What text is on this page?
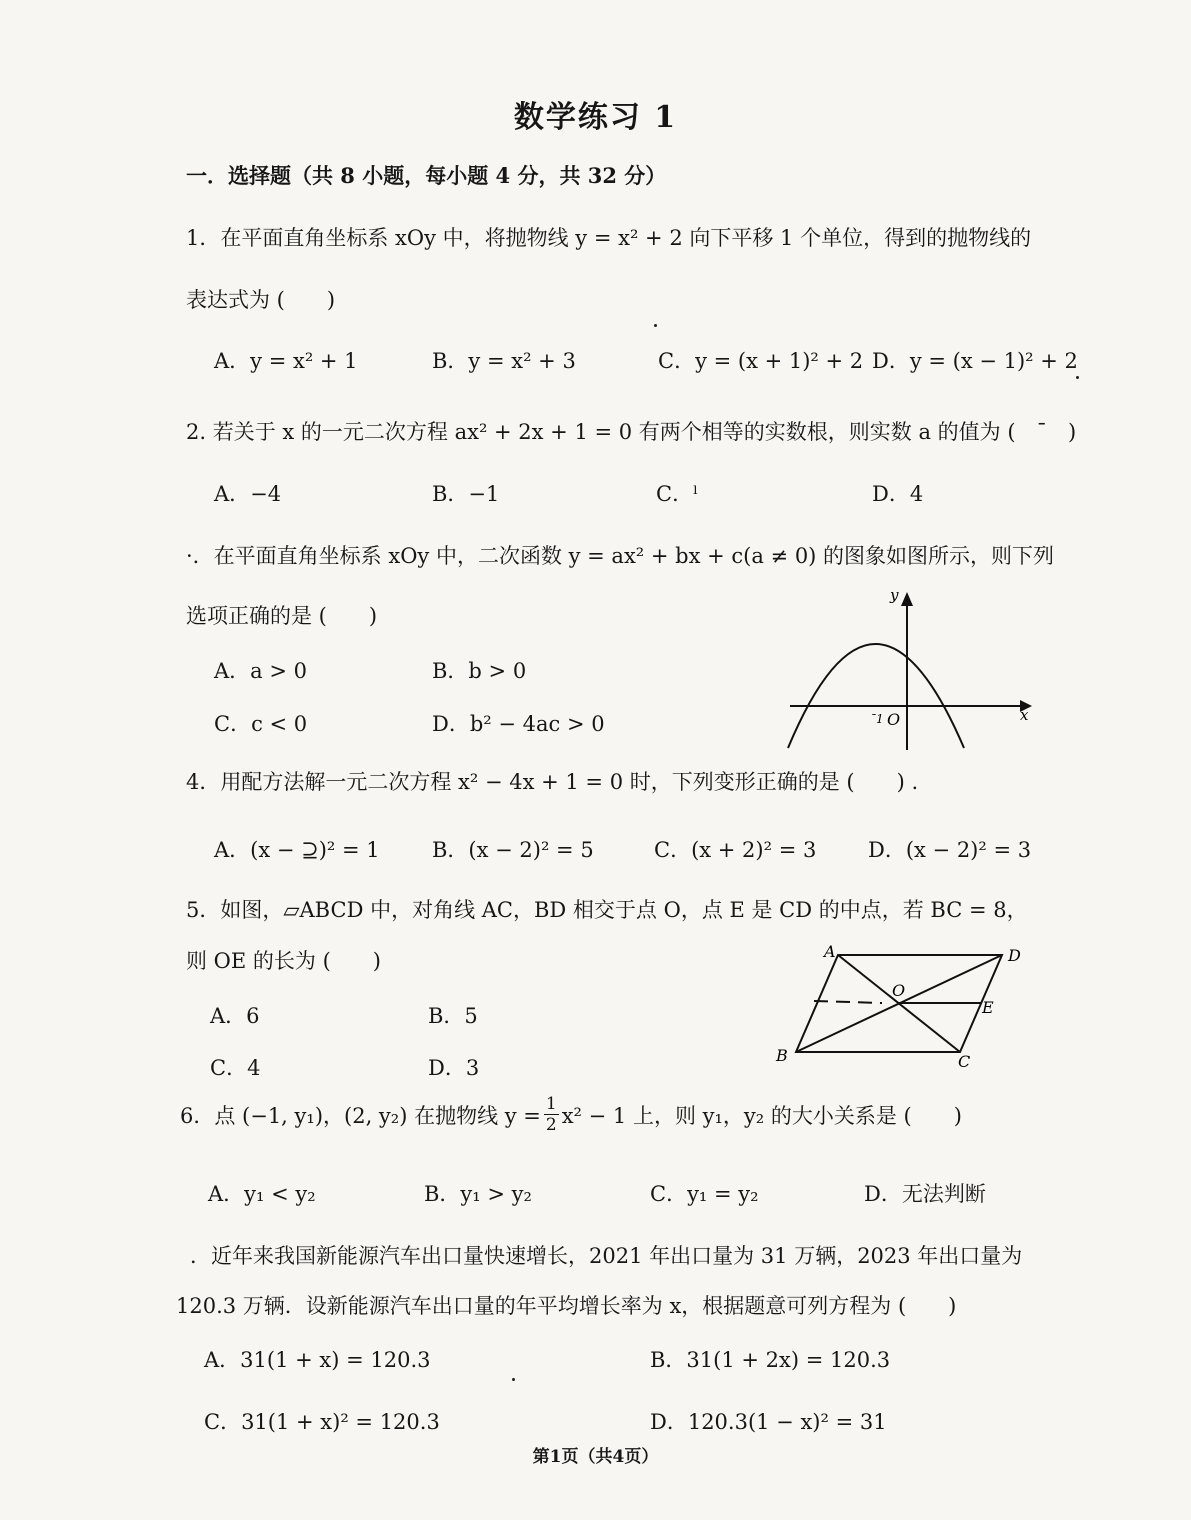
数学练习 1
一．选择题（共 8 小题，每小题 4 分，共 32 分）
1．在平面直角坐标系 xOy 中，将抛物线 y = x² + 2 向下平移 1 个单位，得到的抛物线的
表达式为 (　　)
A．y = x² + 1	B．y = x² + 3	C．y = (x + 1)² + 2 D．y = (x − 1)² + 2
2. 若关于 x 的一元二次方程 ax² + 2x + 1 = 0 有两个相等的实数根，则实数 a 的值为 (　ˉ　)
A．−4	B．−1	C．ˡ	D．4
·．在平面直角坐标系 xOy 中，二次函数 y = ax² + bx + c(a ≠ 0) 的图象如图所示，则下列
选项正确的是 (　　)
A．a > 0	B．b > 0
C．c < 0	D．b² − 4ac > 0
y
x
O
ˉ1
4．用配方法解一元二次方程 x² − 4x + 1 = 0 时，下列变形正确的是 (　　) .
A．(x − ⊇)² = 1 B．(x − 2)² = 5	C．(x + 2)² = 3 D．(x − 2)² = 3
5．如图，▱ABCD 中，对角线 AC，BD 相交于点 O，点 E 是 CD 的中点，若 BC = 8，
则 OE 的长为 (　　)
A．6	B．5
C．4	D．3
A	D
B	C
O
E
6．点 (−1, y₁)，(2, y₂) 在抛物线 $y = \frac{1}{2} x^2 - 1$ 上，则 y₁，y₂ 的大小关系是 (　　)
A．y₁ < y₂	B．y₁ > y₂	C．y₁ = y₂	D．无法判断
．近年来我国新能源汽车出口量快速增长，2021 年出口量为 31 万辆，2023 年出口量为
120.3 万辆．设新能源汽车出口量的年平均增长率为 x，根据题意可列方程为 (　　)
A．31(1 + x) = 120.3	B．31(1 + 2x) = 120.3
C．31(1 + x)² = 120.3	D．120.3(1 − x)² = 31
第1页（共4页）
